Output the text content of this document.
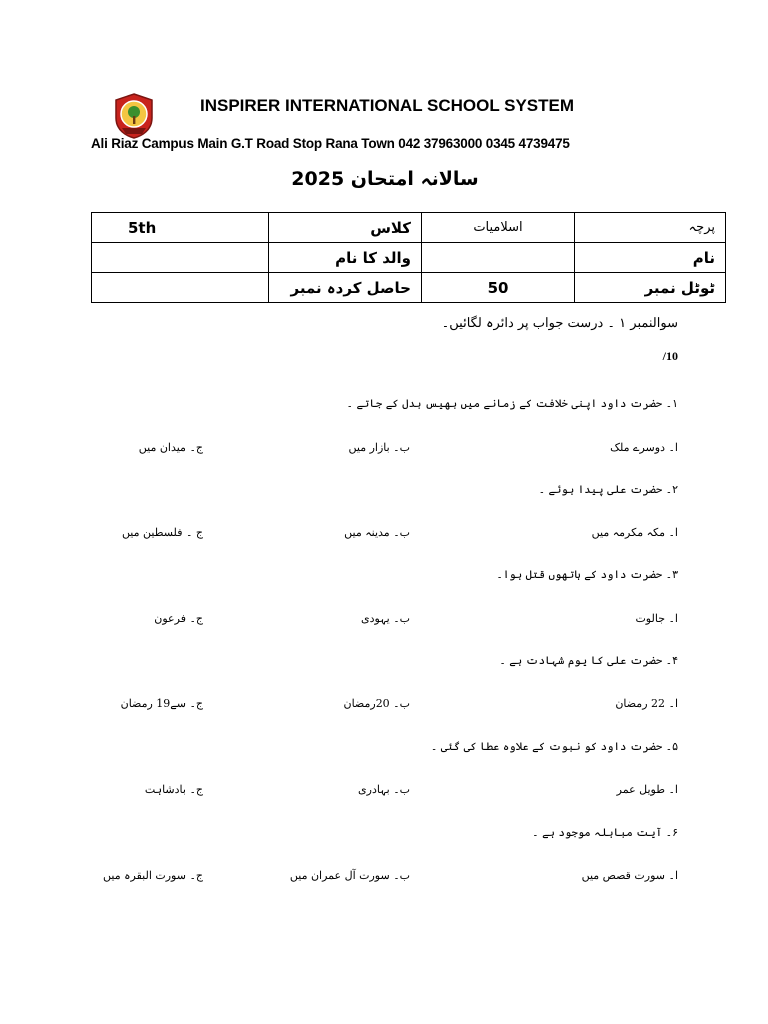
INSPIRER INTERNATIONAL SCHOOL SYSTEM
Ali Riaz Campus Main G.T Road Stop Rana Town 042 37963000 0345 4739475
سالانہ امتحان 2025
5th	کلاس	اسلامیات	پرچہ
	والد کا نام		نام
	حاصل کردہ نمبر	50	ٹوٹل نمبر
سوالنمبر ۱ ۔ درست جواب پر دائرہ لگائیں۔
/10
۱۔ حضرت داود اپنی خلافت کے زمانے میں بھیس بدل کے جاتے ۔
ا۔ دوسرے ملک
ب۔ بازار میں
ج۔ میدان میں
۲۔ حضرت علی پیدا ہوئے ۔
ا۔ مکہ مکرمہ میں
ب۔ مدینہ میں
ج ۔ فلسطین میں
۳۔ حضرت داود کے ہاتھوں قتل ہوا۔
ا۔ جالوت
ب۔ یہودی
ج۔ فرعون
۴۔ حضرت علی کا یوم شہادت ہے ۔
ا۔ 22 رمضان
ب۔ 20رمضان
ج۔ سے19 رمضان
۵۔ حضرت داود کو نبوت کے علاوہ عطا کی گئی ۔
ا۔ طویل عمر
ب۔ بہادری
ج۔ بادشاہت
۶۔ آیت مباہلہ موجود ہے ۔
ا۔ سورت قصص میں
ب۔ سورت آل عمران میں
ج۔ سورت البقرہ میں
